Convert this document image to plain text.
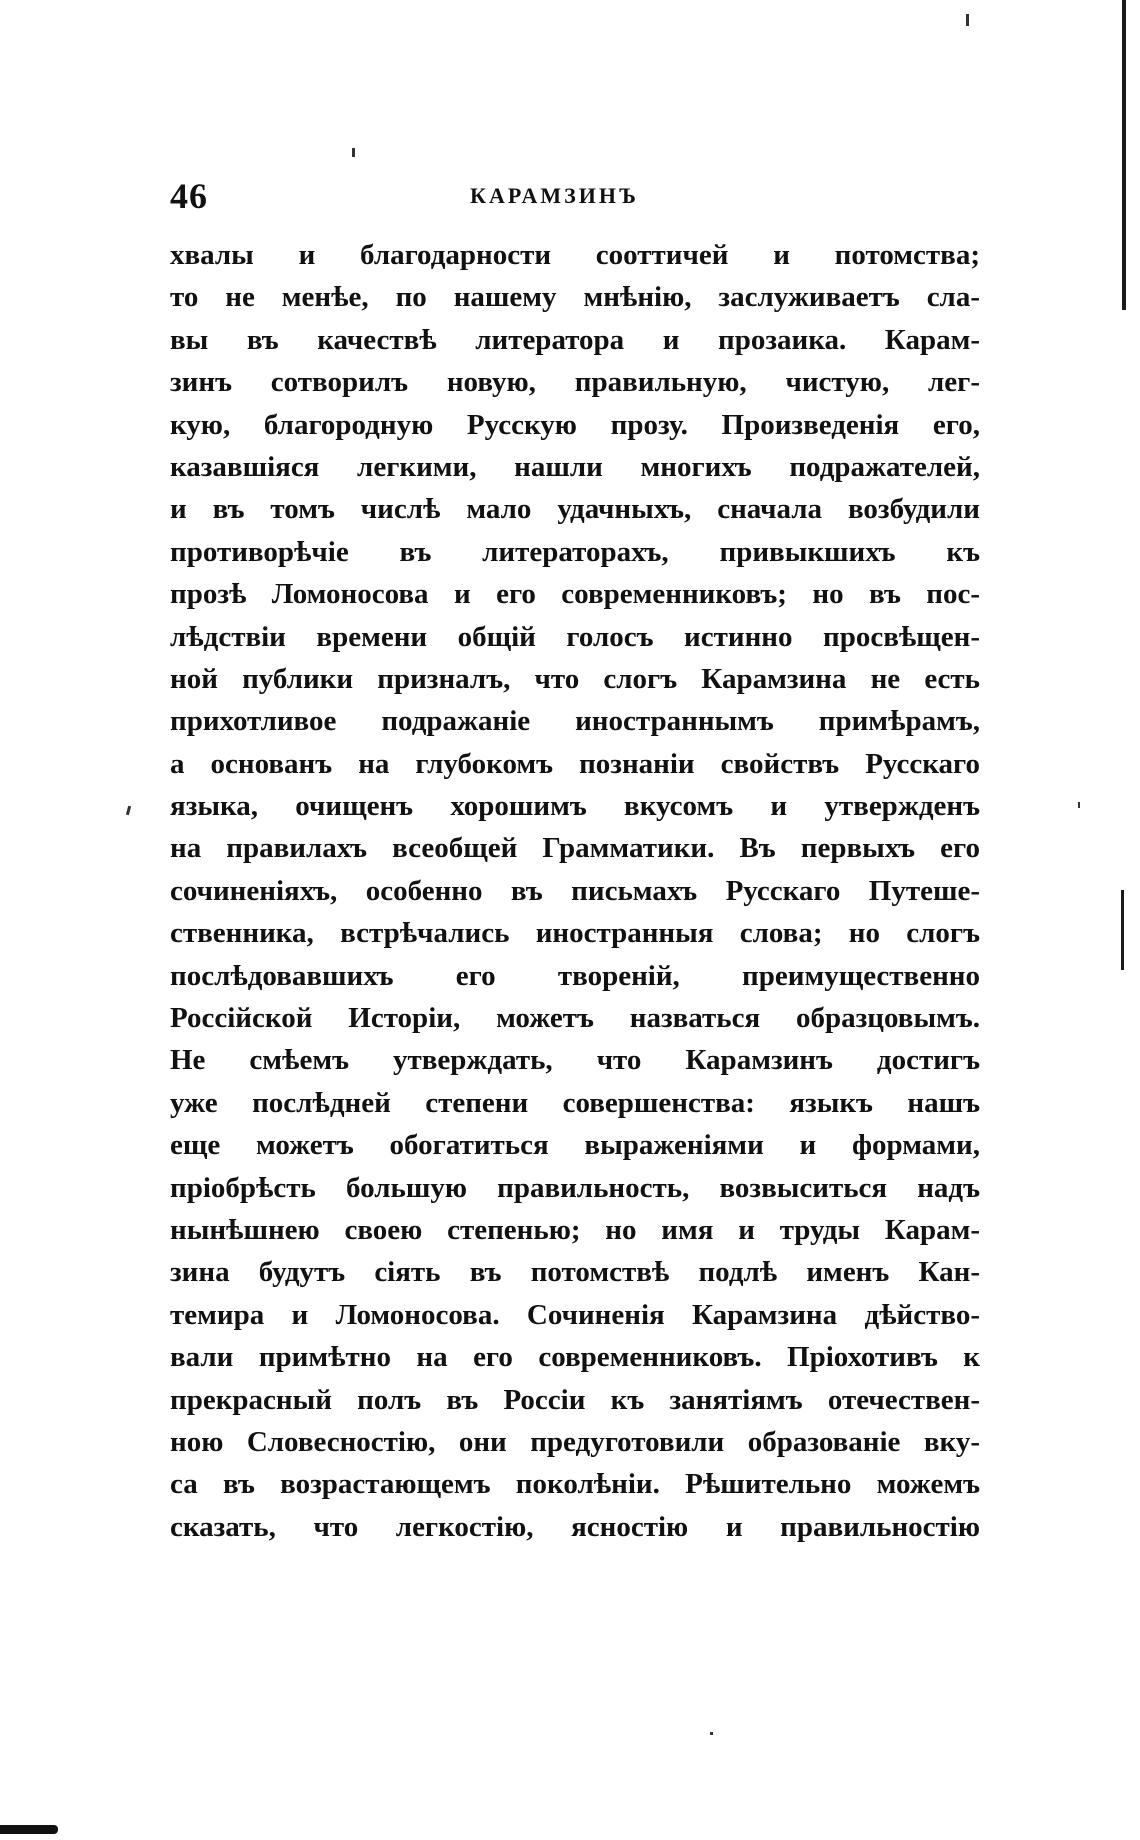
46	КАРАМЗИНЪ
хвалы и благодарности сооттичей и потомства;
то не менѣе, по нашему мнѣнію, заслуживаетъ сла-
вы въ качествѣ литератора и прозаика. Карам-
зинъ сотворилъ новую, правильную, чистую, лег-
кую, благородную Русскую прозу. Произведенія его,
казавшіяся легкими, нашли многихъ подражателей,
и въ томъ числѣ мало удачныхъ, сначала возбудили
противорѣчіе въ литераторахъ, привыкшихъ къ
прозѣ Ломоносова и его современниковъ; но въ пос-
лѣдствіи времени общій голосъ истинно просвѣщен-
ной публики призналъ, что слогъ Карамзина не есть
прихотливое подражаніе иностраннымъ примѣрамъ,
а основанъ на глубокомъ познаніи свойствъ Русскаго
языка, очищенъ хорошимъ вкусомъ и утвержденъ
на правилахъ всеобщей Грамматики. Въ первыхъ его
сочиненіяхъ, особенно въ письмахъ Русскаго Путеше-
ственника, встрѣчались иностранныя слова; но слогъ
послѣдовавшихъ его твореній, преимущественно
Россійской Исторіи, можетъ назваться образцовымъ.
Не смѣемъ утверждать, что Карамзинъ достигъ
уже послѣдней степени совершенства: языкъ нашъ
еще можетъ обогатиться выраженіями и формами,
пріобрѣсть большую правильность, возвыситься надъ
нынѣшнею своею степенью; но имя и труды Карам-
зина будутъ сіять въ потомствѣ подлѣ именъ Кан-
темира и Ломоносова. Сочиненія Карамзина дѣйство-
вали примѣтно на его современниковъ. Пріохотивъ к
прекрасный полъ въ Россіи къ занятіямъ отечествен-
ною Словесностію, они предуготовили образованіе вку-
са въ возрастающемъ поколѣніи. Рѣшительно можемъ
сказать, что легкостію, ясностію и правильностію
